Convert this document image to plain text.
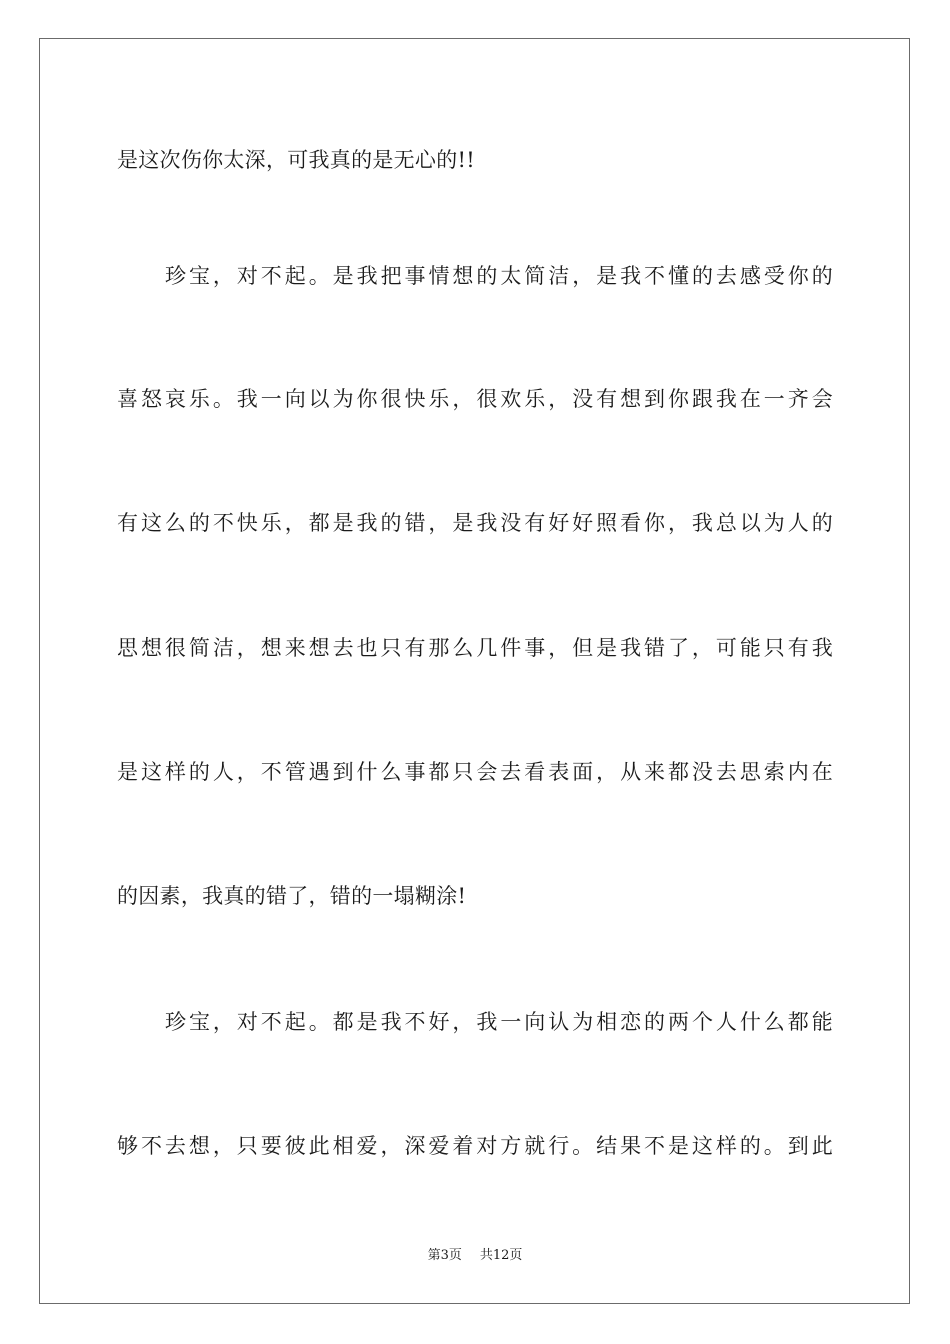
是这次伤你太深，可我真的是无心的!!
珍宝，对不起。是我把事情想的太简洁，是我不懂的去感受你的
喜怒哀乐。我一向以为你很快乐，很欢乐，没有想到你跟我在一齐会
有这么的不快乐，都是我的错，是我没有好好照看你，我总以为人的
思想很简洁，想来想去也只有那么几件事，但是我错了，可能只有我
是这样的人，不管遇到什么事都只会去看表面，从来都没去思索内在
的因素，我真的错了，错的一塌糊涂!
珍宝，对不起。都是我不好，我一向认为相恋的两个人什么都能
够不去想，只要彼此相爱，深爱着对方就行。结果不是这样的。到此
第3页 共12页
